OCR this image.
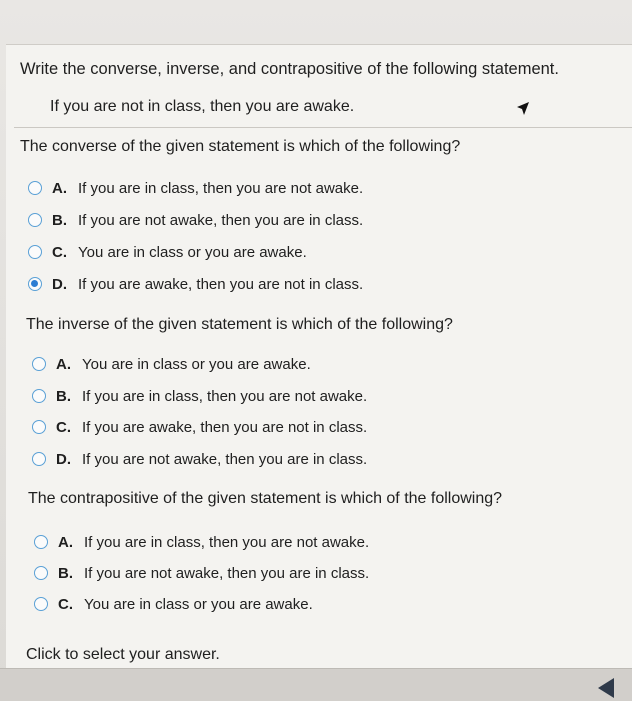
Write the converse, inverse, and contrapositive of the following statement.
If you are not in class, then you are awake.
The converse of the given statement is which of the following?
A. If you are in class, then you are not awake.
B. If you are not awake, then you are in class.
C. You are in class or you are awake.
D. If you are awake, then you are not in class.
The inverse of the given statement is which of the following?
A. You are in class or you are awake.
B. If you are in class, then you are not awake.
C. If you are awake, then you are not in class.
D. If you are not awake, then you are in class.
The contrapositive of the given statement is which of the following?
A. If you are in class, then you are not awake.
B. If you are not awake, then you are in class.
C. You are in class or you are awake.
Click to select your answer.
